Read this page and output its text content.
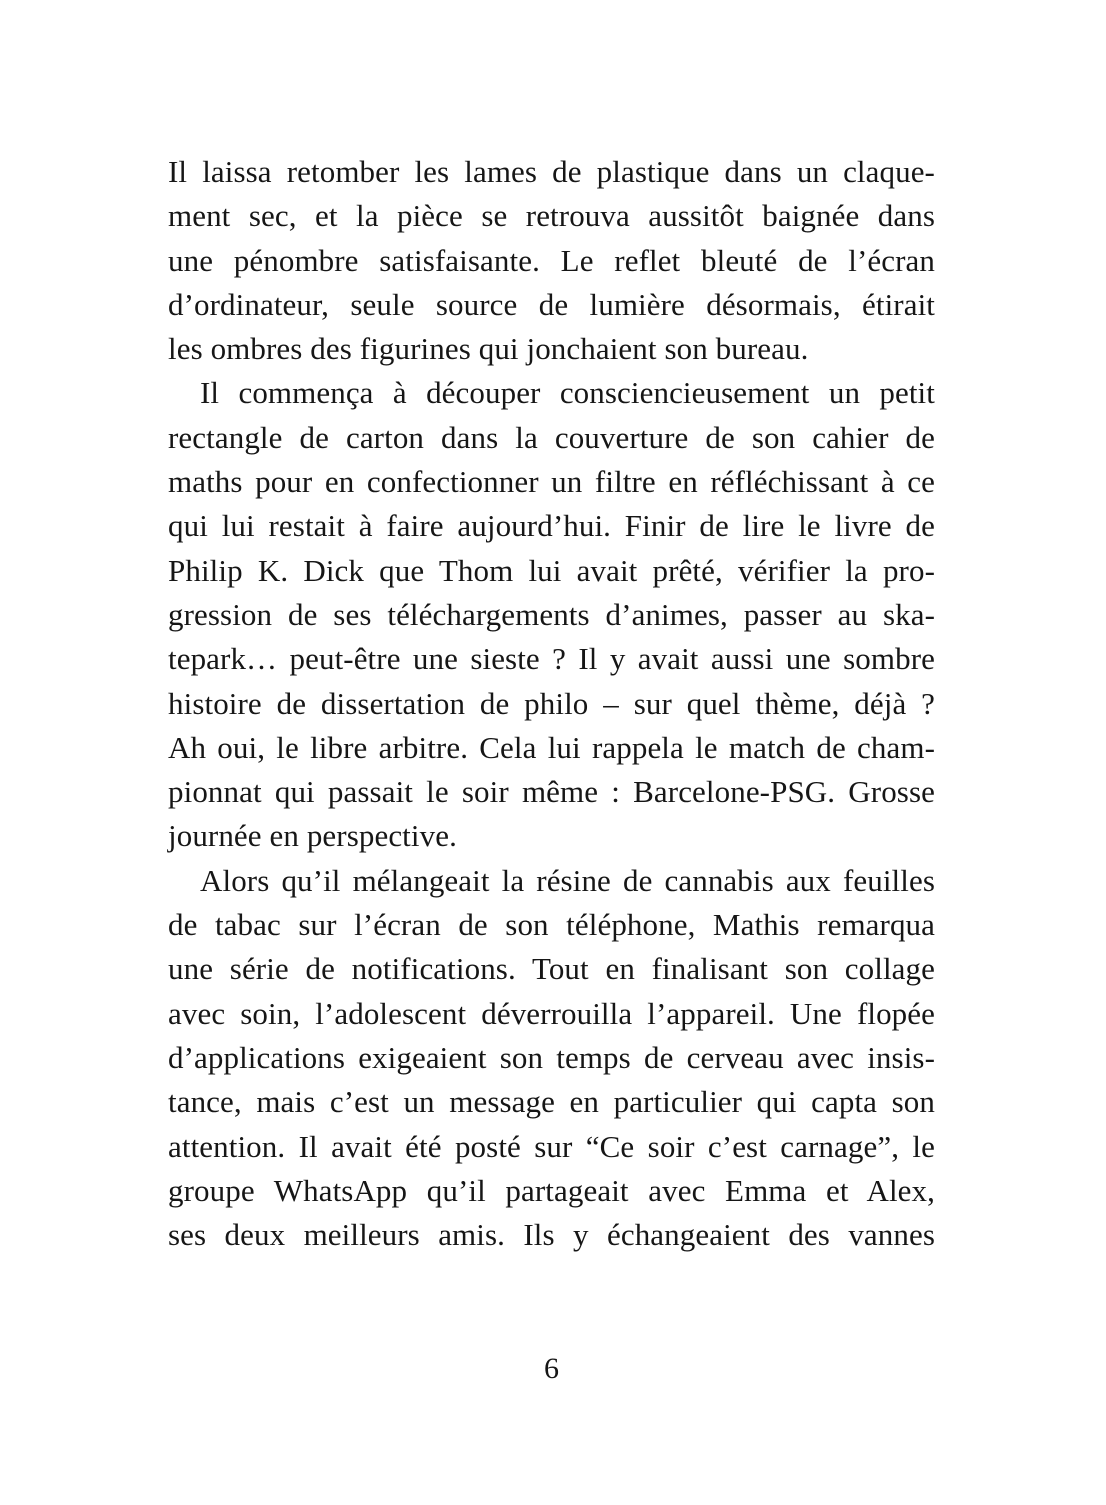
Il laissa retomber les lames de plastique dans un claque-
ment sec, et la pièce se retrouva aussitôt baignée dans
une pénombre satisfaisante. Le reflet bleuté de l’écran
d’ordinateur, seule source de lumière désormais, étirait
les ombres des figurines qui jonchaient son bureau.

Il commença à découper consciencieusement un petit
rectangle de carton dans la couverture de son cahier de
maths pour en confectionner un filtre en réfléchissant à ce
qui lui restait à faire aujourd’hui. Finir de lire le livre de
Philip K. Dick que Thom lui avait prêté, vérifier la pro-
gression de ses téléchargements d’animes, passer au ska-
tepark… peut-être une sieste ? Il y avait aussi une sombre
histoire de dissertation de philo – sur quel thème, déjà ?
Ah oui, le libre arbitre. Cela lui rappela le match de cham-
pionnat qui passait le soir même : Barcelone-PSG. Grosse
journée en perspective.

Alors qu’il mélangeait la résine de cannabis aux feuilles
de tabac sur l’écran de son téléphone, Mathis remarqua
une série de notifications. Tout en finalisant son collage
avec soin, l’adolescent déverrouilla l’appareil. Une flopée
d’applications exigeaient son temps de cerveau avec insis-
tance, mais c’est un message en particulier qui capta son
attention. Il avait été posté sur “Ce soir c’est carnage”, le
groupe WhatsApp qu’il partageait avec Emma et Alex,
ses deux meilleurs amis. Ils y échangeaient des vannes

6
